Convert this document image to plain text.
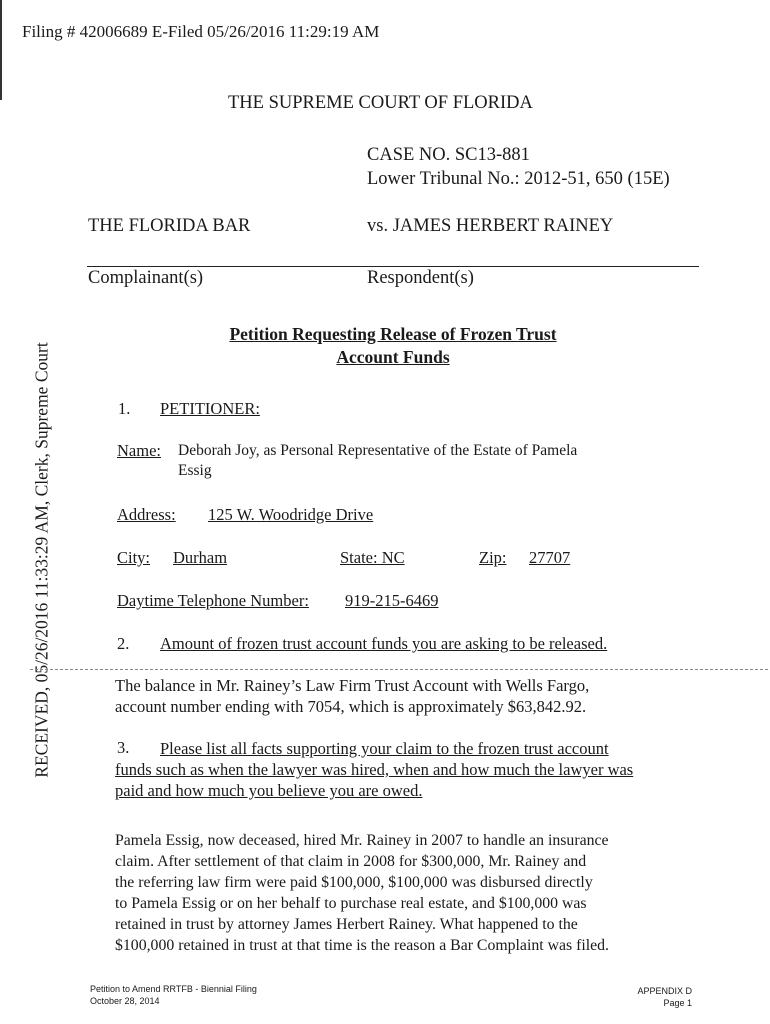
Filing # 42006689 E-Filed 05/26/2016 11:29:19 AM
RECEIVED, 05/26/2016 11:33:29 AM, Clerk, Supreme Court
THE SUPREME COURT OF FLORIDA
CASE NO. SC13-881
Lower Tribunal No.: 2012-51, 650 (15E)
THE FLORIDA BAR	vs. JAMES HERBERT RAINEY
Complainant(s)	Respondent(s)
Petition Requesting Release of Frozen Trust
Account Funds
1. PETITIONER:
Name: Deborah Joy, as Personal Representative of the Estate of Pamela
Essig
Address: 125 W. Woodridge Drive
City: Durham	State: NC	Zip: 27707
Daytime Telephone Number: 919-215-6469
2. Amount of frozen trust account funds you are asking to be released.
The balance in Mr. Rainey’s Law Firm Trust Account with Wells Fargo,
account number ending with 7054, which is approximately $63,842.92.
3.	Please list all facts supporting your claim to the frozen trust account
funds such as when the lawyer was hired, when and how much the lawyer was
paid and how much you believe you are owed.
Pamela Essig, now deceased, hired Mr. Rainey in 2007 to handle an insurance
claim. After settlement of that claim in 2008 for $300,000, Mr. Rainey and
the referring law firm were paid $100,000, $100,000 was disbursed directly
to Pamela Essig or on her behalf to purchase real estate, and $100,000 was
retained in trust by attorney James Herbert Rainey. What happened to the
$100,000 retained in trust at that time is the reason a Bar Complaint was filed.
Petition to Amend RRTFB - Biennial Filing
October 28, 2014
APPENDIX D
Page 1
